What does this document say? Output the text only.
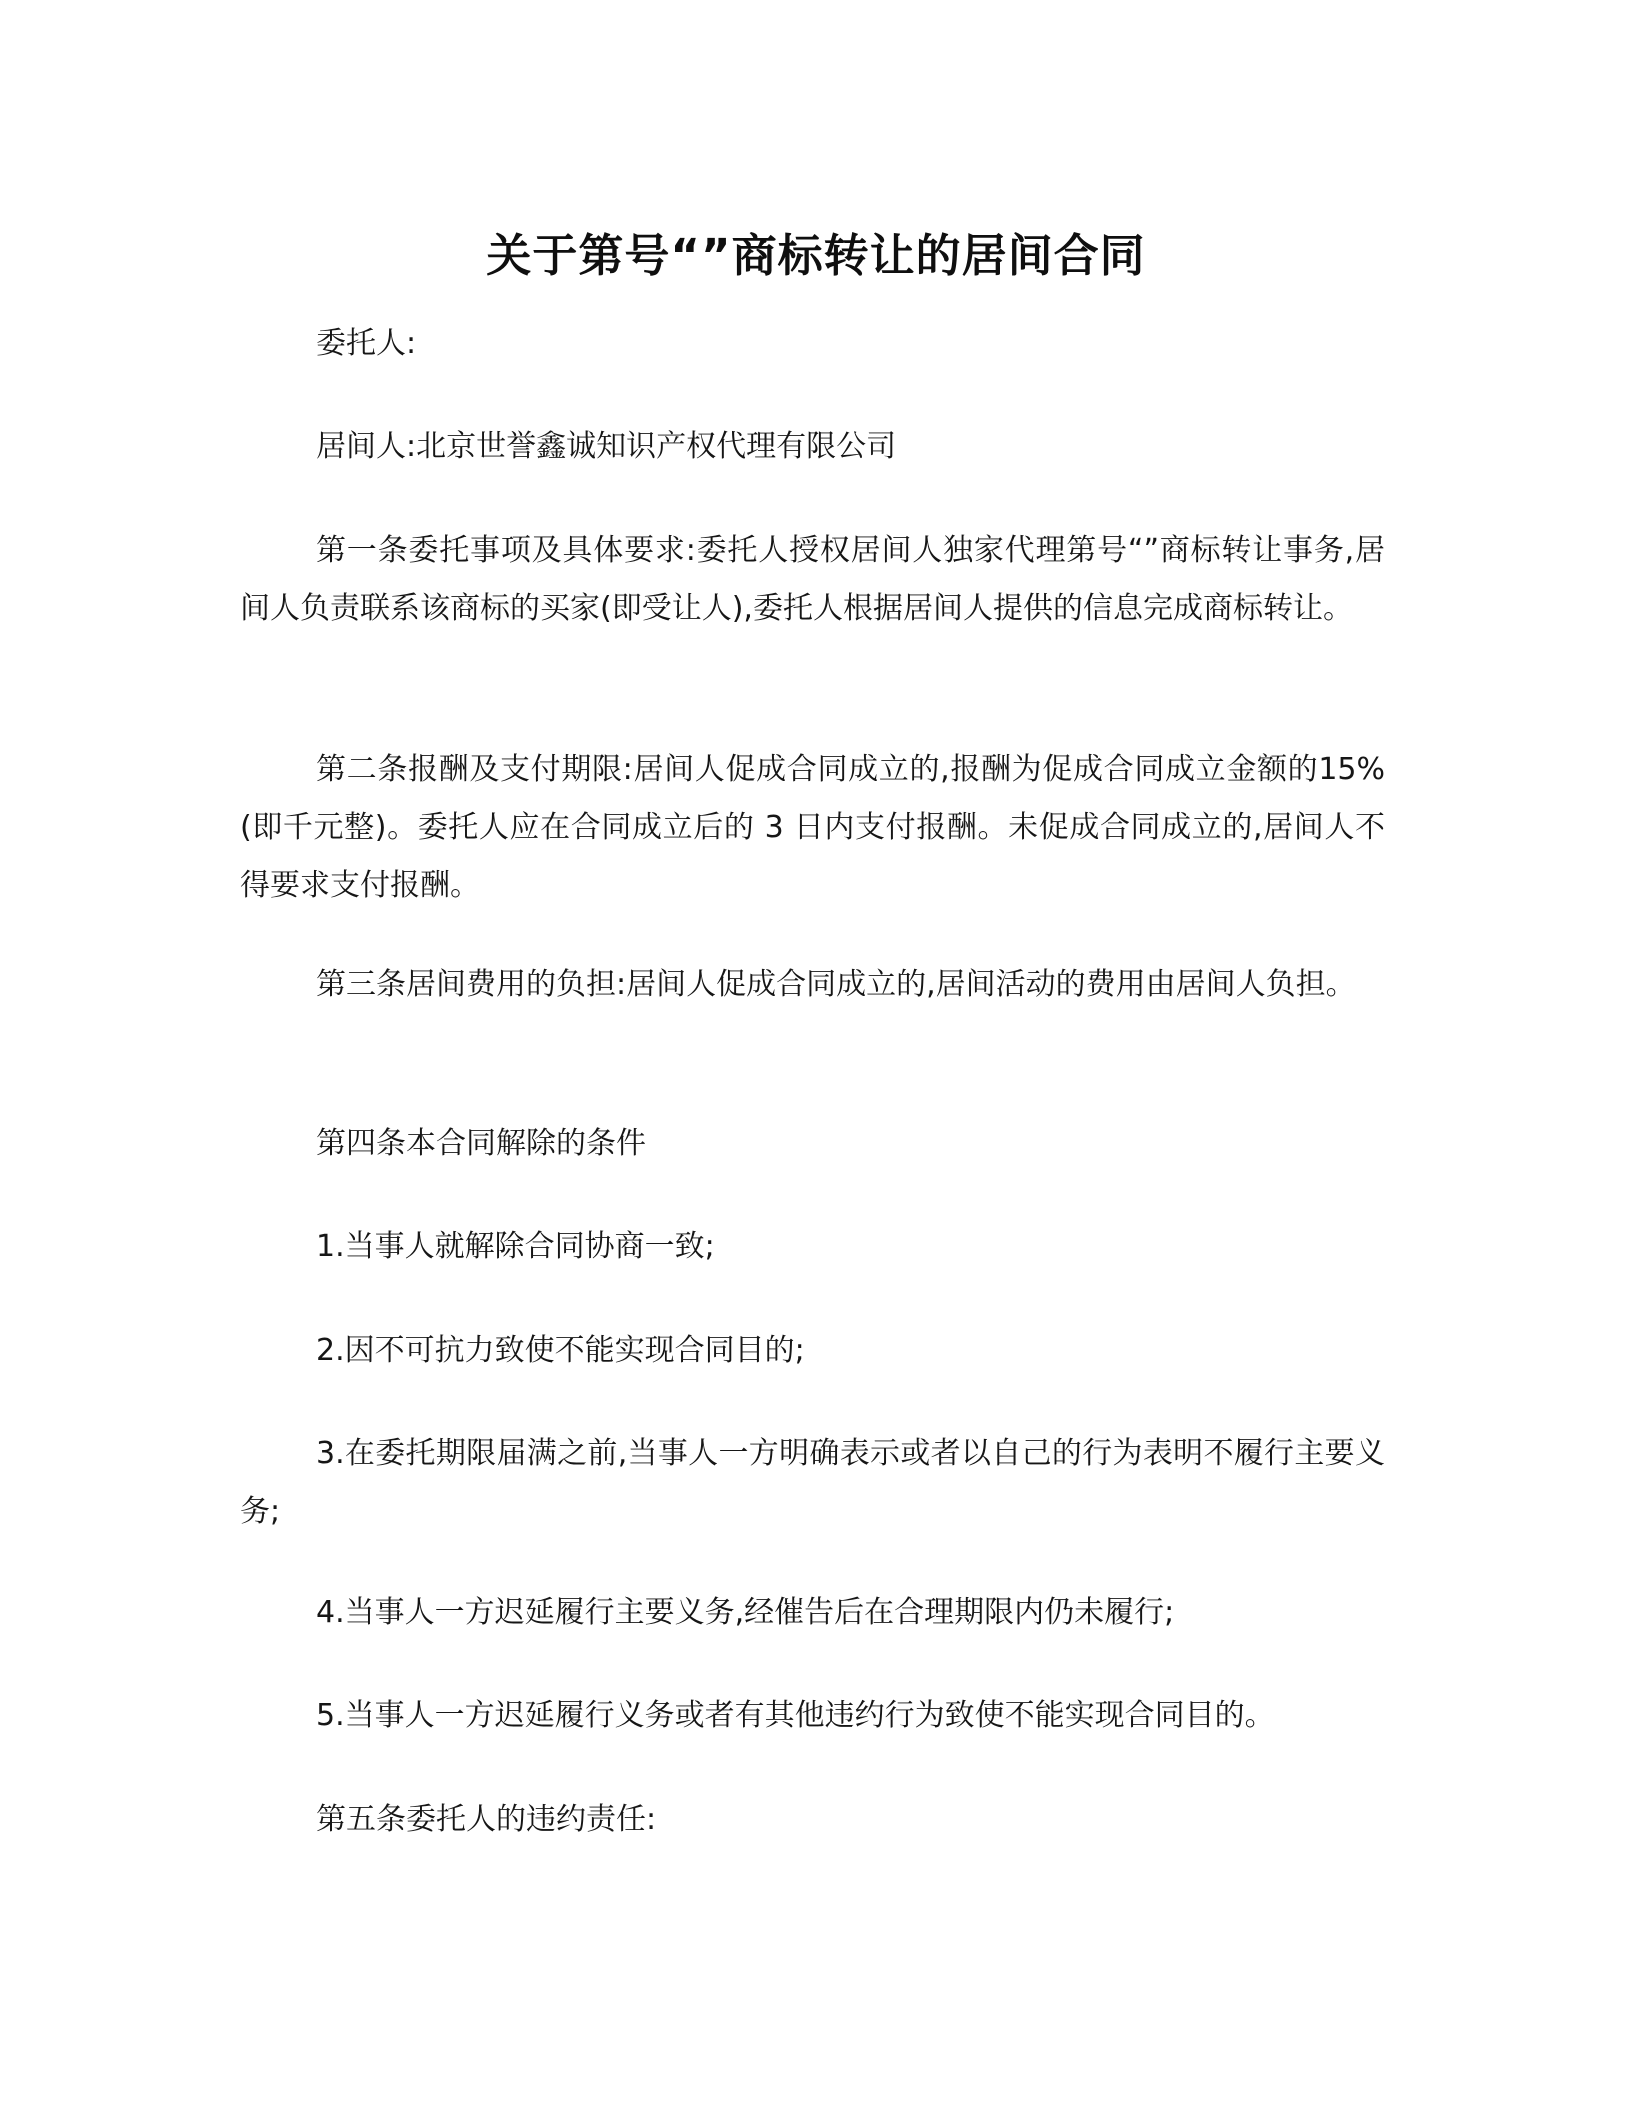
关于第号“”商标转让的居间合同

委托人:

居间人:北京世誉鑫诚知识产权代理有限公司

第一条委托事项及具体要求:委托人授权居间人独家代理第号“”商标转让事务,居间人负责联系该商标的买家(即受让人),委托人根据居间人提供的信息完成商标转让。

第二条报酬及支付期限:居间人促成合同成立的,报酬为促成合同成立金额的15% (即千元整)。委托人应在合同成立后的 3 日内支付报酬。未促成合同成立的,居间人不得要求支付报酬。

第三条居间费用的负担:居间人促成合同成立的,居间活动的费用由居间人负担。

第四条本合同解除的条件

1.当事人就解除合同协商一致;

2.因不可抗力致使不能实现合同目的;

3.在委托期限届满之前,当事人一方明确表示或者以自己的行为表明不履行主要义务;

4.当事人一方迟延履行主要义务,经催告后在合理期限内仍未履行;

5.当事人一方迟延履行义务或者有其他违约行为致使不能实现合同目的。

第五条委托人的违约责任:
